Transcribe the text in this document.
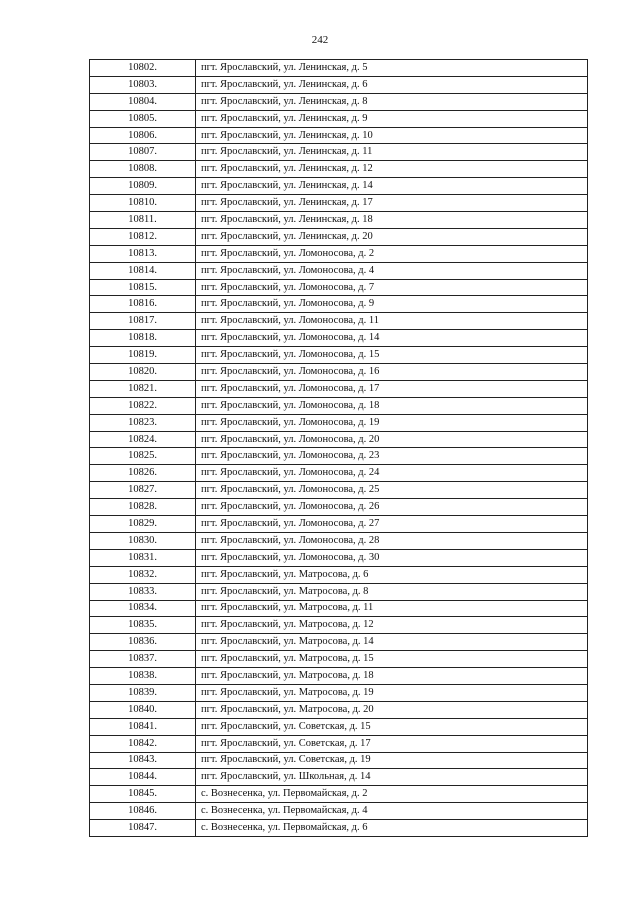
242
10802.	пгт. Ярославский, ул. Ленинская, д. 5
10803.	пгт. Ярославский, ул. Ленинская, д. 6
10804.	пгт. Ярославский, ул. Ленинская, д. 8
10805.	пгт. Ярославский, ул. Ленинская, д. 9
10806.	пгт. Ярославский, ул. Ленинская, д. 10
10807.	пгт. Ярославский, ул. Ленинская, д. 11
10808.	пгт. Ярославский, ул. Ленинская, д. 12
10809.	пгт. Ярославский, ул. Ленинская, д. 14
10810.	пгт. Ярославский, ул. Ленинская, д. 17
10811.	пгт. Ярославский, ул. Ленинская, д. 18
10812.	пгт. Ярославский, ул. Ленинская, д. 20
10813.	пгт. Ярославский, ул. Ломоносова, д. 2
10814.	пгт. Ярославский, ул. Ломоносова, д. 4
10815.	пгт. Ярославский, ул. Ломоносова, д. 7
10816.	пгт. Ярославский, ул. Ломоносова, д. 9
10817.	пгт. Ярославский, ул. Ломоносова, д. 11
10818.	пгт. Ярославский, ул. Ломоносова, д. 14
10819.	пгт. Ярославский, ул. Ломоносова, д. 15
10820.	пгт. Ярославский, ул. Ломоносова, д. 16
10821.	пгт. Ярославский, ул. Ломоносова, д. 17
10822.	пгт. Ярославский, ул. Ломоносова, д. 18
10823.	пгт. Ярославский, ул. Ломоносова, д. 19
10824.	пгт. Ярославский, ул. Ломоносова, д. 20
10825.	пгт. Ярославский, ул. Ломоносова, д. 23
10826.	пгт. Ярославский, ул. Ломоносова, д. 24
10827.	пгт. Ярославский, ул. Ломоносова, д. 25
10828.	пгт. Ярославский, ул. Ломоносова, д. 26
10829.	пгт. Ярославский, ул. Ломоносова, д. 27
10830.	пгт. Ярославский, ул. Ломоносова, д. 28
10831.	пгт. Ярославский, ул. Ломоносова, д. 30
10832.	пгт. Ярославский, ул. Матросова, д. 6
10833.	пгт. Ярославский, ул. Матросова, д. 8
10834.	пгт. Ярославский, ул. Матросова, д. 11
10835.	пгт. Ярославский, ул. Матросова, д. 12
10836.	пгт. Ярославский, ул. Матросова, д. 14
10837.	пгт. Ярославский, ул. Матросова, д. 15
10838.	пгт. Ярославский, ул. Матросова, д. 18
10839.	пгт. Ярославский, ул. Матросова, д. 19
10840.	пгт. Ярославский, ул. Матросова, д. 20
10841.	пгт. Ярославский, ул. Советская, д. 15
10842.	пгт. Ярославский, ул. Советская, д. 17
10843.	пгт. Ярославский, ул. Советская, д. 19
10844.	пгт. Ярославский, ул. Школьная, д. 14
10845.	с. Вознесенка, ул. Первомайская, д. 2
10846.	с. Вознесенка, ул. Первомайская, д. 4
10847.	с. Вознесенка, ул. Первомайская, д. 6
